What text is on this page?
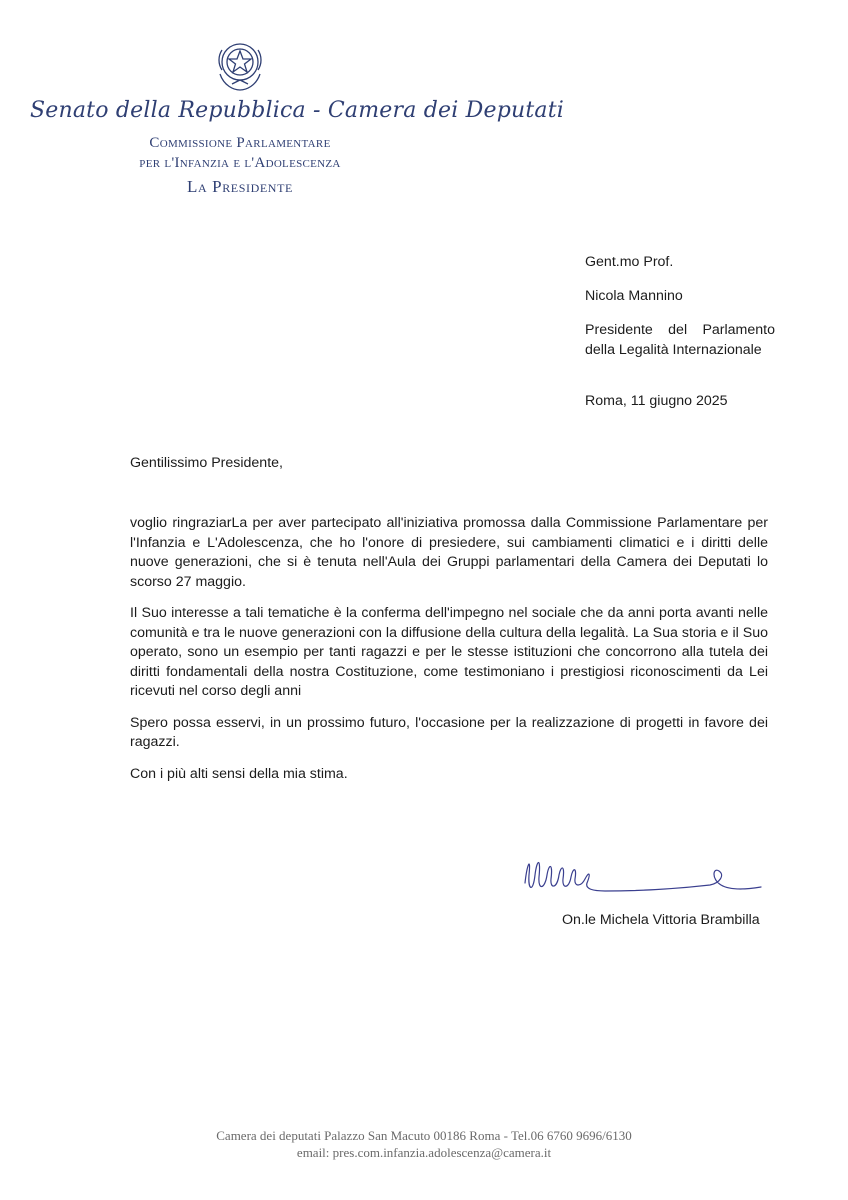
Senato della Repubblica - Camera dei Deputati
Commissione Parlamentare
per l'Infanzia e l'Adolescenza
La Presidente
Gent.mo Prof.
Nicola Mannino
Presidente del Parlamento della Legalità Internazionale
Roma, 11 giugno 2025
Gentilissimo Presidente,

voglio ringraziarLa per aver partecipato all'iniziativa promossa dalla Commissione Parlamentare per l'Infanzia e L'Adolescenza, che ho l'onore di presiedere, sui cambiamenti climatici e i diritti delle nuove generazioni, che si è tenuta nell'Aula dei Gruppi parlamentari della Camera dei Deputati lo scorso 27 maggio.

Il Suo interesse a tali tematiche è la conferma dell'impegno nel sociale che da anni porta avanti nelle comunità e tra le nuove generazioni con la diffusione della cultura della legalità. La Sua storia e il Suo operato, sono un esempio per tanti ragazzi e per le stesse istituzioni che concorrono alla tutela dei diritti fondamentali della nostra Costituzione, come testimoniano i prestigiosi riconoscimenti da Lei ricevuti nel corso degli anni

Spero possa esservi, in un prossimo futuro, l'occasione per la realizzazione di progetti in favore dei ragazzi.

Con i più alti sensi della mia stima.

On.le Michela Vittoria Brambilla
Camera dei deputati Palazzo San Macuto 00186 Roma - Tel.06 6760 9696/6130
email: pres.com.infanzia.adolescenza@camera.it
